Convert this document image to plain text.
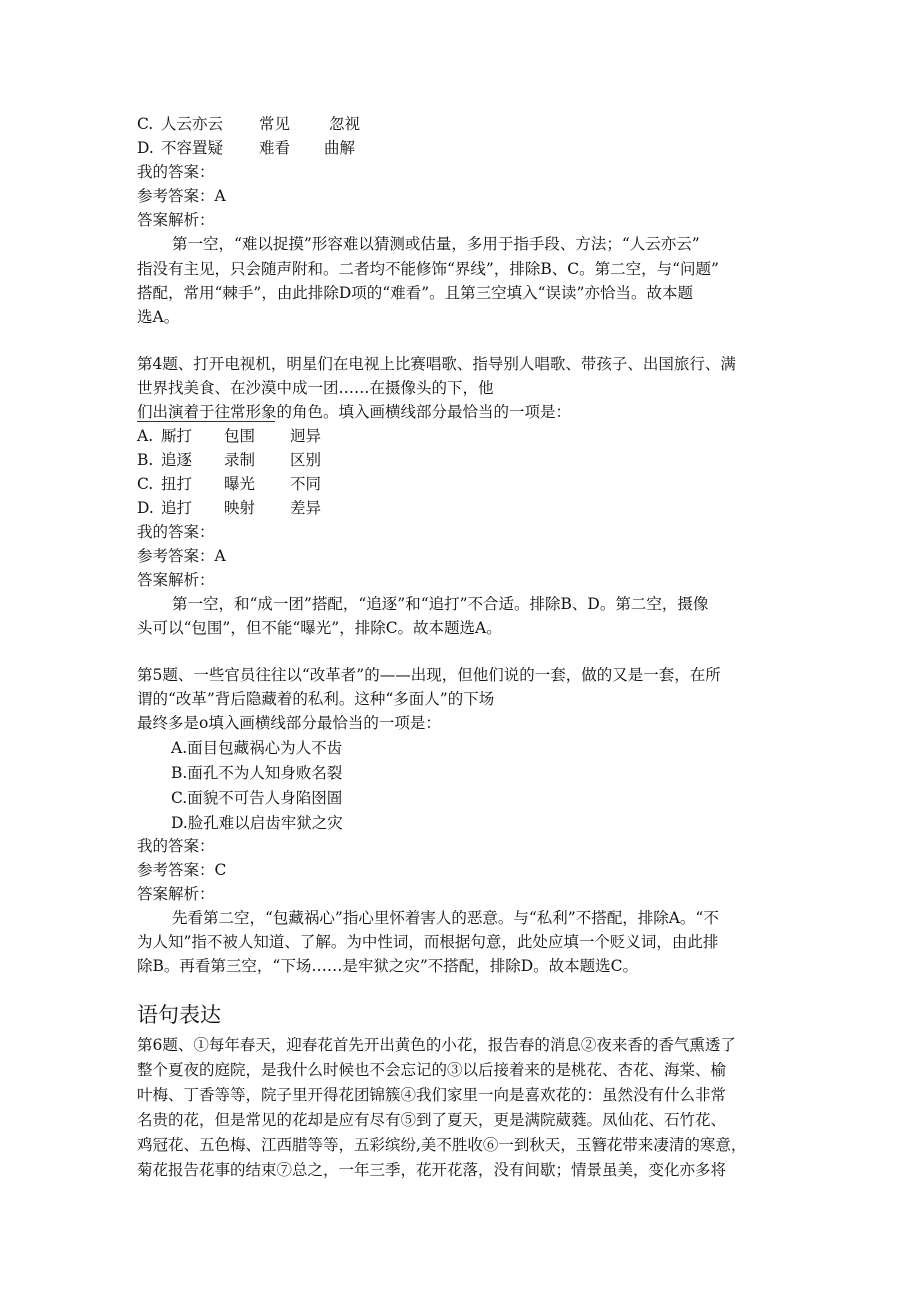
C. 人云亦云 常见	忽视
D. 不容置疑 难看 曲解
我的答案：
参考答案：A
答案解析：
第一空，“难以捉摸”形容难以猜测或估量，多用于指手段、方法；“人云亦云”
指没有主见，只会随声附和。二者均不能修饰“界线”，排除B、C。第二空，与“问题”
搭配，常用“棘手”，由此排除D项的“难看”。且第三空填入“误读”亦恰当。故本题
选A。
第4题、打开电视机，明星们在电视上比赛唱歌、指导别人唱歌、带孩子、出国旅行、满
世界找美食、在沙漠中成一团……在摄像头的下，他
们出演着于往常形象的角色。填入画横线部分最恰当的一项是：
A. 厮打 包围 迥异
B. 追逐 录制 区别
C. 扭打 曝光 不同
D. 追打 映射 差异
我的答案：
参考答案：A
答案解析：
第一空，和“成一团”搭配，“追逐”和“追打”不合适。排除B、D。第二空，摄像
头可以“包围”，但不能“曝光”，排除C。故本题选A。
第5题、一些官员往往以“改革者”的——出现，但他们说的一套，做的又是一套，在所
谓的“改革”背后隐藏着的私利。这种“多面人”的下场
最终多是o填入画横线部分最恰当的一项是：
A.面目包藏祸心为人不齿
B.面孔不为人知身败名裂
C.面貌不可告人身陷囹圄
D.脸孔难以启齿牢狱之灾
我的答案：
参考答案：C
答案解析：
先看第二空，“包藏祸心”指心里怀着害人的恶意。与“私利”不搭配，排除A。“不
为人知”指不被人知道、了解。为中性词，而根据句意，此处应填一个贬义词，由此排
除B。再看第三空，“下场……是牢狱之灾”不搭配，排除D。故本题选C。
语句表达
第6题、①每年春天，迎春花首先开出黄色的小花，报告春的消息②夜来香的香气熏透了
整个夏夜的庭院，是我什么时候也不会忘记的③以后接着来的是桃花、杏花、海棠、榆
叶梅、丁香等等，院子里开得花团锦簇④我们家里一向是喜欢花的：虽然没有什么非常
名贵的花，但是常见的花却是应有尽有⑤到了夏天，更是满院葳蕤。凤仙花、石竹花、
鸡冠花、五色梅、江西腊等等，五彩缤纷,美不胜收⑥一到秋天，玉簪花带来凄清的寒意，
菊花报告花事的结束⑦总之，一年三季，花开花落，没有间歇；情景虽美，变化亦多将
